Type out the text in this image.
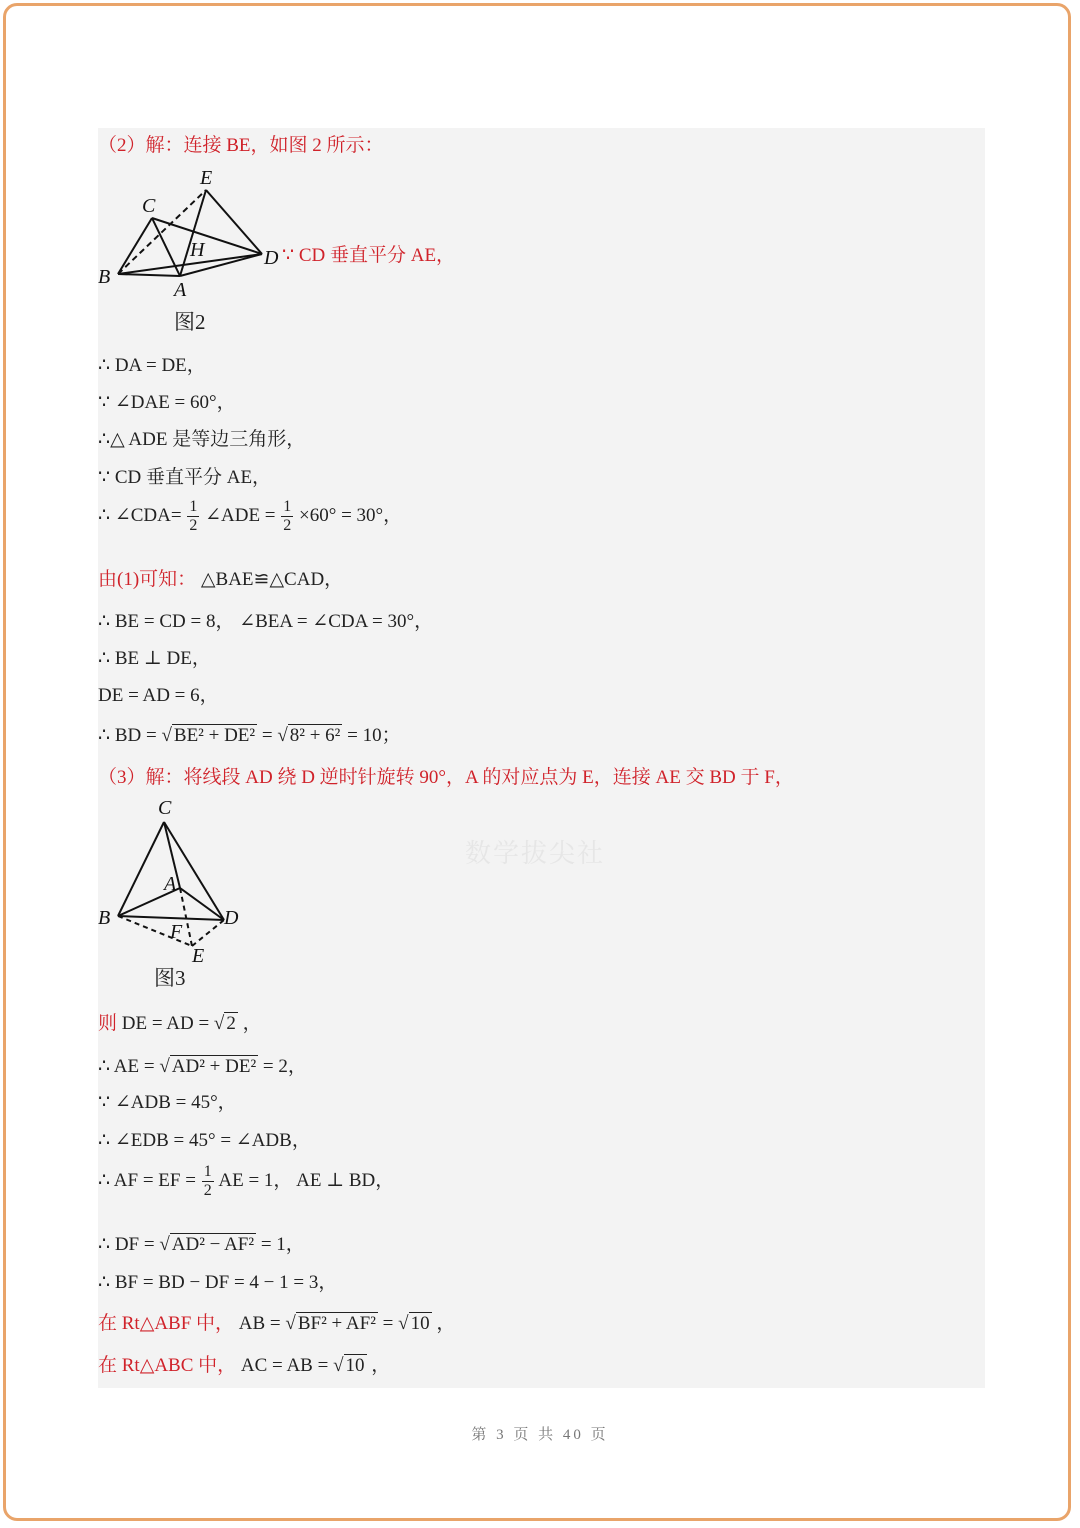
（2）解：连接 BE，如图 2 所示：
E
C
H	D
B
A
∵ CD 垂直平分 AE，
图2
∴ DA = DE，
∵ ∠DAE = 60°，
∴△ ADE 是等边三角形，
∵ CD 垂直平分 AE，
∴ ∠CDA= $\frac{1}{2}$ ∠ADE = $\frac{1}{2} \times 60^\circ = 30^\circ$，
由(1)可知： △BAE≌△CAD，
∴ BE = CD = 8， ∠BEA = ∠CDA = 30°，
∴ BE ⊥ DE，
DE = AD = 6，
∴ BD = √ BE² + DE² = √ 8² + 6² = 10；
（3）解：将线段 AD 绕 D 逆时针旋转 90°，A 的对应点为 E，连接 AE 交 BD 于 F，
C
A
B	D
F
E
图3
则 DE = AD = √ 2 ，
∴ AE = √ AD² + DE² = 2，
∵ ∠ADB = 45°，
∴ ∠EDB = 45° = ∠ADB，
∴ AF = EF = $\frac{1}{2}$ AE = 1， AE ⊥ BD，
∴ DF = √ AD² − AF² = 1，
∴ BF = BD − DF = 4 − 1 = 3，
在 Rt△ABF 中， AB = √ BF² + AF² = √ 10 ，
在 Rt△ABC 中， AC = AB = √ 10 ，
数学拔尖社
第 3 页 共 40 页
